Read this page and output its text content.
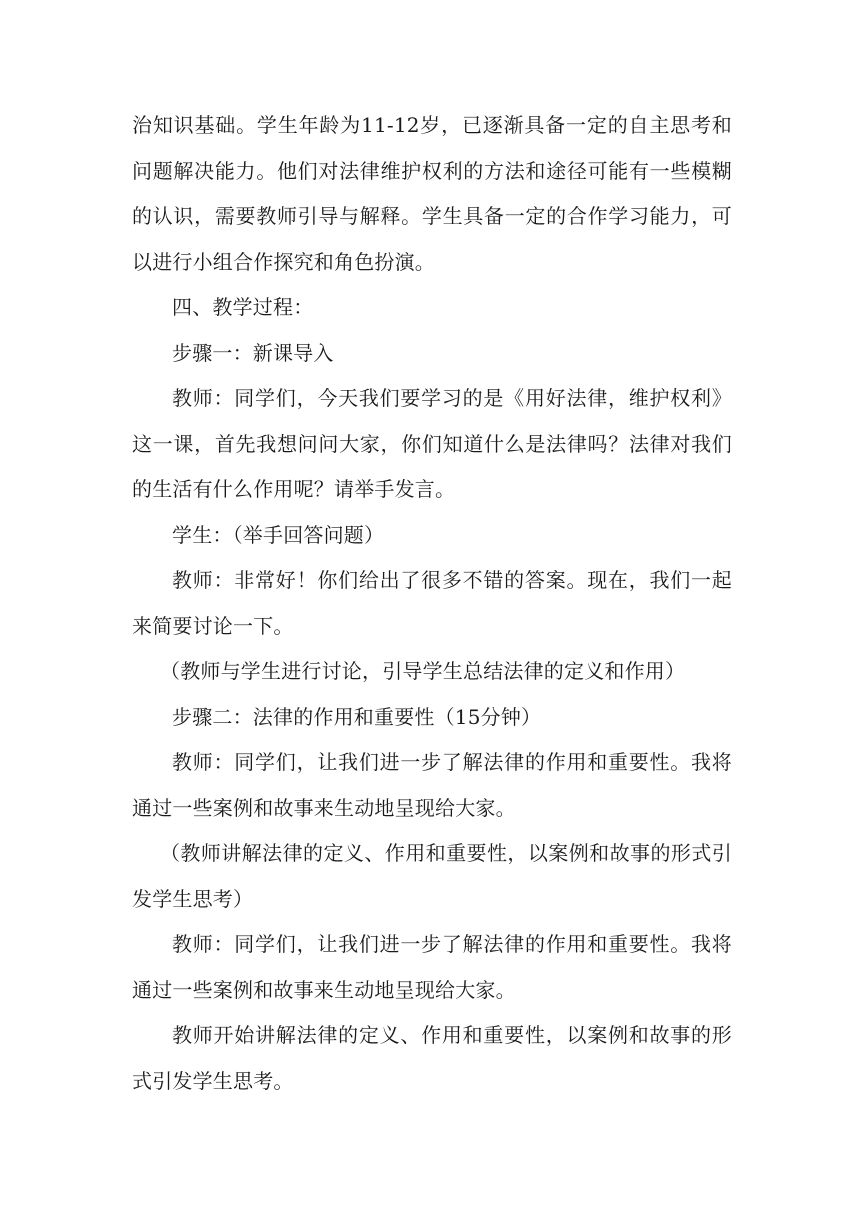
治知识基础。学生年龄为11-12岁，已逐渐具备一定的自主思考和问题解决能力。他们对法律维护权利的方法和途径可能有一些模糊的认识，需要教师引导与解释。学生具备一定的合作学习能力，可以进行小组合作探究和角色扮演。

四、教学过程：

步骤一：新课导入

教师：同学们，今天我们要学习的是《用好法律，维护权利》这一课，首先我想问问大家，你们知道什么是法律吗？法律对我们的生活有什么作用呢？请举手发言。

学生：（举手回答问题）

教师：非常好！你们给出了很多不错的答案。现在，我们一起来简要讨论一下。

（教师与学生进行讨论，引导学生总结法律的定义和作用）

步骤二：法律的作用和重要性（15分钟）

教师：同学们，让我们进一步了解法律的作用和重要性。我将通过一些案例和故事来生动地呈现给大家。

（教师讲解法律的定义、作用和重要性，以案例和故事的形式引发学生思考）

教师：同学们，让我们进一步了解法律的作用和重要性。我将通过一些案例和故事来生动地呈现给大家。

教师开始讲解法律的定义、作用和重要性，以案例和故事的形式引发学生思考。
